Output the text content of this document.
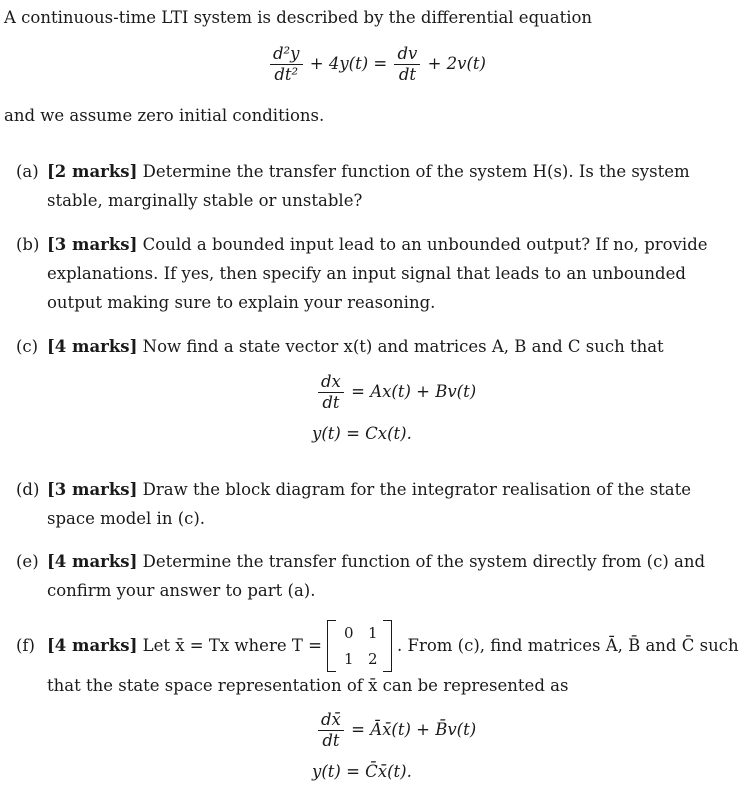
A continuous-time LTI system is described by the differential equation
$\frac{\text{d²y}}{\text{dt²}} + 4y(t) = \frac{dv}{dt} + 2v(t)$
and we assume zero initial conditions.
(a) [2 marks] Determine the transfer function of the system H(s). Is the system stable, marginally stable or unstable?
(b) [3 marks] Could a bounded input lead to an unbounded output? If no, provide explanations. If yes, then specify an input signal that leads to an unbounded output making sure to explain your reasoning.
(c) [4 marks] Now find a state vector x(t) and matrices A, B and C such that
$\frac{dx}{dt} = Ax(t) + Bv(t)$
y(t) = Cx(t).
(d) [3 marks] Draw the block diagram for the integrator realisation of the state space model in (c).
(e) [4 marks] Determine the transfer function of the system directly from (c) and confirm your answer to part (a).
(f) [4 marks] Let x̄ = Tx where T =
0 1
1 2
. From (c), find matrices Ā, B̄ and C̄ such
that the state space representation of x̄ can be represented as
$\frac{dx̄}{dt}$ = Āx̄(t) + B̄v(t)
y(t) = C̄x̄(t).
